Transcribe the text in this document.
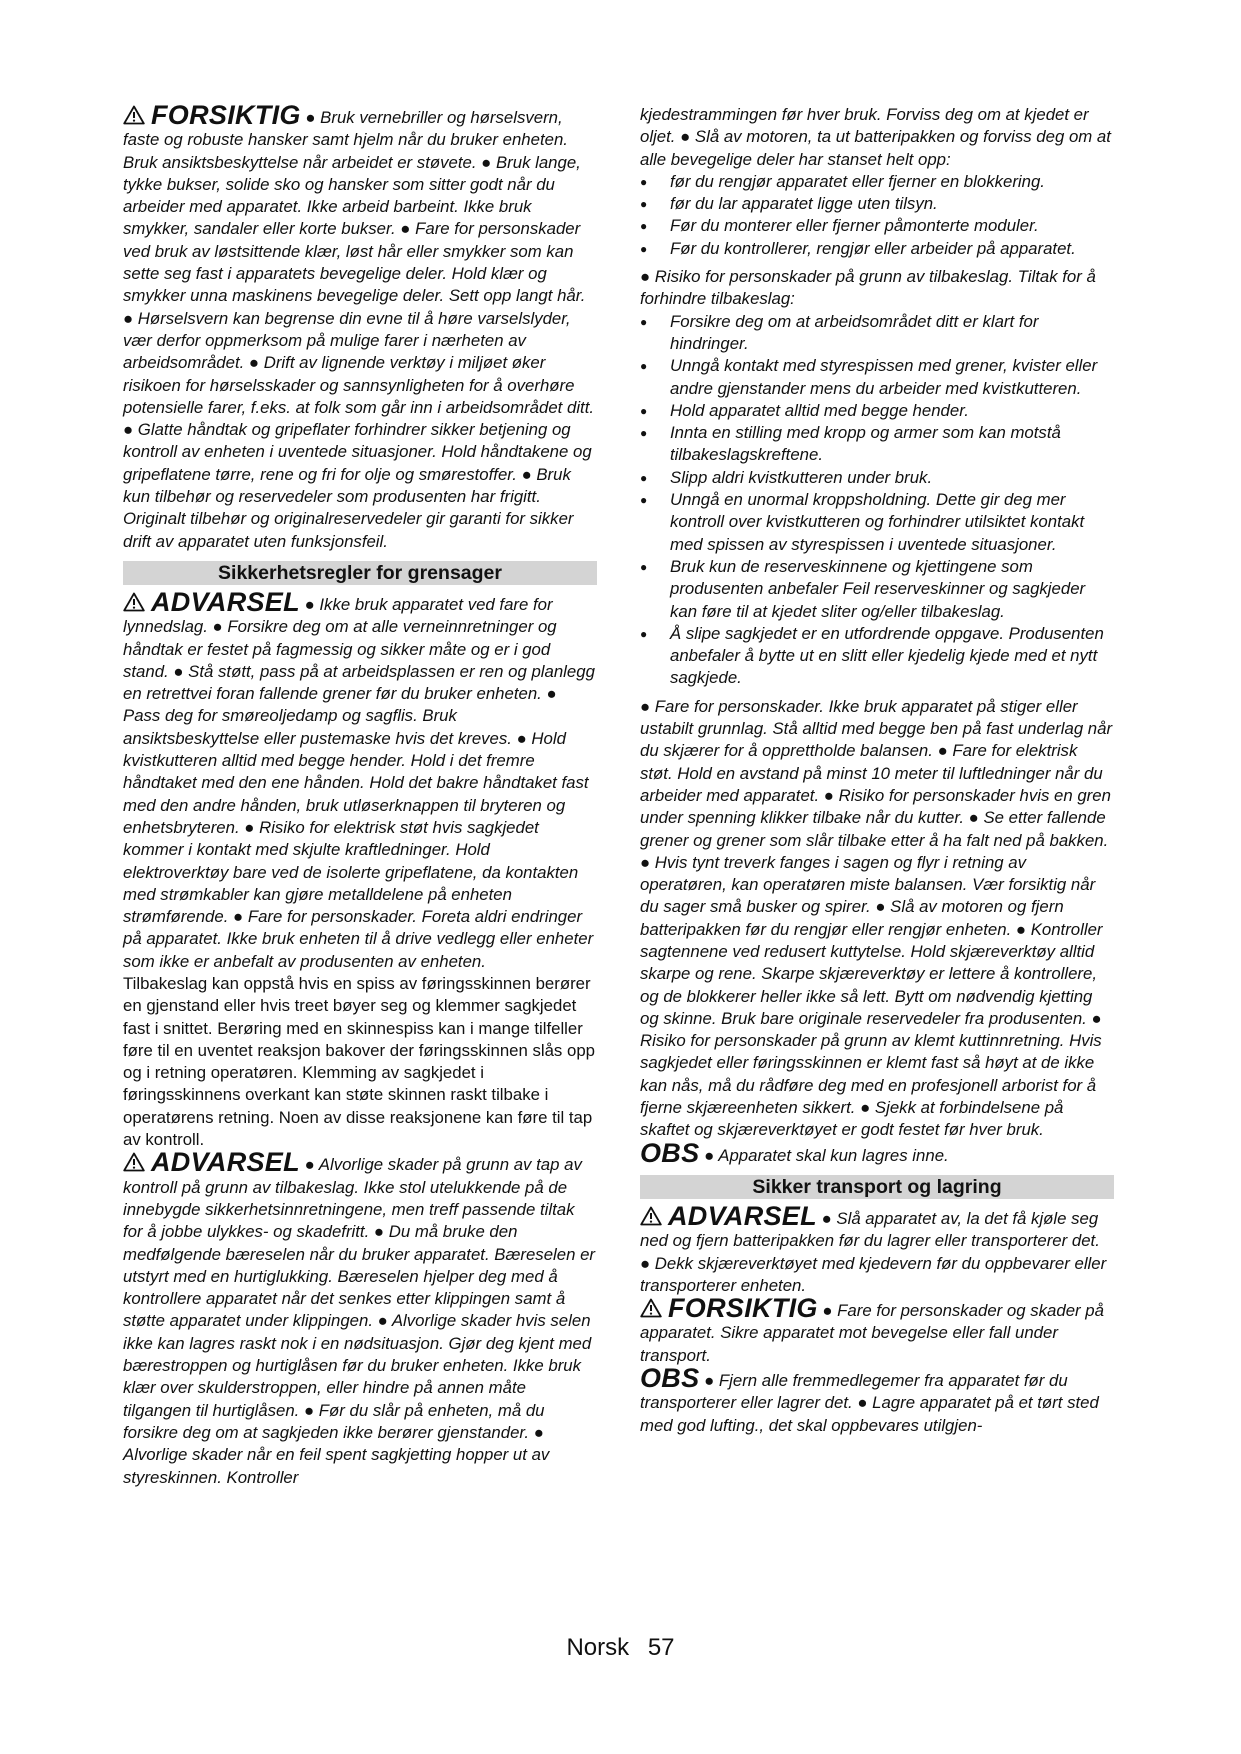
FORSIKTIG ● Bruk vernebriller og hørselsvern, faste og robuste hansker samt hjelm når du bruker enheten. Bruk ansiktsbeskyttelse når arbeidet er støvete. ● Bruk lange, tykke bukser, solide sko og hansker som sitter godt når du arbeider med apparatet. Ikke arbeid barbeint. Ikke bruk smykker, sandaler eller korte bukser. ● Fare for personskader ved bruk av løstsittende klær, løst hår eller smykker som kan sette seg fast i apparatets bevegelige deler. Hold klær og smykker unna maskinens bevegelige deler. Sett opp langt hår. ● Hørselsvern kan begrense din evne til å høre varselslyder, vær derfor oppmerksom på mulige farer i nærheten av arbeidsområdet. ● Drift av lignende verktøy i miljøet øker risikoen for hørselsskader og sannsynligheten for å overhøre potensielle farer, f.eks. at folk som går inn i arbeidsområdet ditt. ● Glatte håndtak og gripeflater forhindrer sikker betjening og kontroll av enheten i uventede situasjoner. Hold håndtakene og gripeflatene tørre, rene og fri for olje og smørestoffer. ● Bruk kun tilbehør og reservedeler som produsenten har frigitt. Originalt tilbehør og originalreservedeler gir garanti for sikker drift av apparatet uten funksjonsfeil.

Sikkerhetsregler for grensager

ADVARSEL ● Ikke bruk apparatet ved fare for lynnedslag. ● Forsikre deg om at alle verneinnretninger og håndtak er festet på fagmessig og sikker måte og er i god stand. ● Stå støtt, pass på at arbeidsplassen er ren og planlegg en retrettvei foran fallende grener før du bruker enheten. ● Pass deg for smøreoljedamp og sagflis. Bruk ansiktsbeskyttelse eller pustemaske hvis det kreves. ● Hold kvistkutteren alltid med begge hender. Hold i det fremre håndtaket med den ene hånden. Hold det bakre håndtaket fast med den andre hånden, bruk utløserknappen til bryteren og enhetsbryteren. ● Risiko for elektrisk støt hvis sagkjedet kommer i kontakt med skjulte kraftledninger. Hold elektroverktøy bare ved de isolerte gripeflatene, da kontakten med strømkabler kan gjøre metalldelene på enheten strømførende. ● Fare for personskader. Foreta aldri endringer på apparatet. Ikke bruk enheten til å drive vedlegg eller enheter som ikke er anbefalt av produsenten av enheten.

Tilbakeslag kan oppstå hvis en spiss av føringsskinnen berører en gjenstand eller hvis treet bøyer seg og klemmer sagkjedet fast i snittet. Berøring med en skinnespiss kan i mange tilfeller føre til en uventet reaksjon bakover der føringsskinnen slås opp og i retning operatøren. Klemming av sagkjedet i føringsskinnens overkant kan støte skinnen raskt tilbake i operatørens retning. Noen av disse reaksjonene kan føre til tap av kontroll.

ADVARSEL ● Alvorlige skader på grunn av tap av kontroll på grunn av tilbakeslag. Ikke stol utelukkende på de innebygde sikkerhetsinnretningene, men treff passende tiltak for å jobbe ulykkes- og skadefritt. ● Du må bruke den medfølgende bæreselen når du bruker apparatet. Bæreselen er utstyrt med en hurtiglukking. Bæreselen hjelper deg med å kontrollere apparatet når det senkes etter klippingen samt å støtte apparatet under klippingen. ● Alvorlige skader hvis selen ikke kan lagres raskt nok i en nødsituasjon. Gjør deg kjent med bærestroppen og hurtiglåsen før du bruker enheten. Ikke bruk klær over skulderstroppen, eller hindre på annen måte tilgangen til hurtiglåsen. ● Før du slår på enheten, må du forsikre deg om at sagkjeden ikke berører gjenstander. ● Alvorlige skader når en feil spent sagkjetting hopper ut av styreskinnen. Kontroller

kjedestrammingen før hver bruk. Forviss deg om at kjedet er oljet. ● Slå av motoren, ta ut batteripakken og forviss deg om at alle bevegelige deler har stanset helt opp:

● før du rengjør apparatet eller fjerner en blokkering.
● før du lar apparatet ligge uten tilsyn.
● Før du monterer eller fjerner påmonterte moduler.
● Før du kontrollerer, rengjør eller arbeider på apparatet.

● Risiko for personskader på grunn av tilbakeslag. Tiltak for å forhindre tilbakeslag:

● Forsikre deg om at arbeidsområdet ditt er klart for hindringer.
● Unngå kontakt med styrespissen med grener, kvister eller andre gjenstander mens du arbeider med kvistkutteren.
● Hold apparatet alltid med begge hender.
● Innta en stilling med kropp og armer som kan motstå tilbakeslagskreftene.
● Slipp aldri kvistkutteren under bruk.
● Unngå en unormal kroppsholdning. Dette gir deg mer kontroll over kvistkutteren og forhindrer utilsiktet kontakt med spissen av styrespissen i uventede situasjoner.
● Bruk kun de reserveskinnene og kjettingene som produsenten anbefaler Feil reserveskinner og sagkjeder kan føre til at kjedet sliter og/eller tilbakeslag.
● Å slipe sagkjedet er en utfordrende oppgave. Produsenten anbefaler å bytte ut en slitt eller kjedelig kjede med et nytt sagkjede.

● Fare for personskader. Ikke bruk apparatet på stiger eller ustabilt grunnlag. Stå alltid med begge ben på fast underlag når du skjærer for å opprettholde balansen. ● Fare for elektrisk støt. Hold en avstand på minst 10 meter til luftledninger når du arbeider med apparatet. ● Risiko for personskader hvis en gren under spenning klikker tilbake når du kutter. ● Se etter fallende grener og grener som slår tilbake etter å ha falt ned på bakken. ● Hvis tynt treverk fanges i sagen og flyr i retning av operatøren, kan operatøren miste balansen. Vær forsiktig når du sager små busker og spirer. ● Slå av motoren og fjern batteripakken før du rengjør eller rengjør enheten. ● Kontroller sagtennene ved redusert kuttytelse. Hold skjæreverktøy alltid skarpe og rene. Skarpe skjæreverktøy er lettere å kontrollere, og de blokkerer heller ikke så lett. Bytt om nødvendig kjetting og skinne. Bruk bare originale reservedeler fra produsenten. ● Risiko for personskader på grunn av klemt kuttinnretning. Hvis sagkjedet eller føringsskinnen er klemt fast så høyt at de ikke kan nås, må du rådføre deg med en profesjonell arborist for å fjerne skjæreenheten sikkert. ● Sjekk at forbindelsene på skaftet og skjæreverktøyet er godt festet før hver bruk.

OBS ● Apparatet skal kun lagres inne.

Sikker transport og lagring

ADVARSEL ● Slå apparatet av, la det få kjøle seg ned og fjern batteripakken før du lagrer eller transporterer det. ● Dekk skjæreverktøyet med kjedevern før du oppbevarer eller transporterer enheten.

FORSIKTIG ● Fare for personskader og skader på apparatet. Sikre apparatet mot bevegelse eller fall under transport.

OBS ● Fjern alle fremmedlegemer fra apparatet før du transporterer eller lagrer det. ● Lagre apparatet på et tørt sted med god lufting., det skal oppbevares utilgjen-

Norsk 57
